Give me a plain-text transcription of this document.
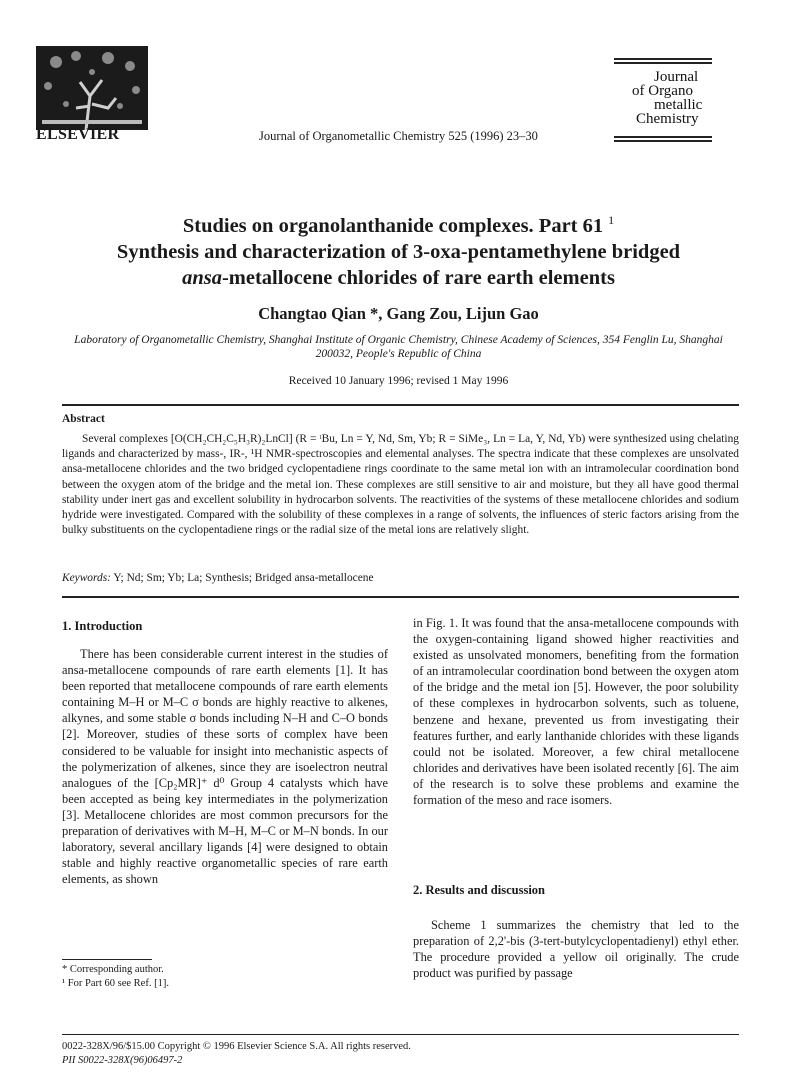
ELSEVIER	Journal of Organometallic Chemistry 525 (1996) 23–30
Journal
of Organo
metallic
Chemistry
Studies on organolanthanide complexes. Part 61 $^1$
Synthesis and characterization of 3-oxa-pentamethylene bridged
ansa-metallocene chlorides of rare earth elements
Changtao Qian *, Gang Zou, Lijun Gao
Laboratory of Organometallic Chemistry, Shanghai Institute of Organic Chemistry, Chinese Academy of Sciences, 354 Fenglin Lu, Shanghai 200032, People's Republic of China
Received 10 January 1996; revised 1 May 1996
Abstract

Several complexes [O(CH₂CH₂C₅H₃R)₂LnCl] (R = ᵗBu, Ln = Y, Nd, Sm, Yb; R = SiMe₃, Ln = La, Y, Nd, Yb) were synthesized using chelating ligands and characterized by mass-, IR-, ¹H NMR-spectroscopies and elemental analyses. The spectra indicate that these complexes are unsolvated ansa-metallocene chlorides and the two bridged cyclopentadiene rings coordinate to the same metal ion with an intramolecular coordination bond between the oxygen atom of the bridge and the metal ion. These complexes are still sensitive to air and moisture, but they all have good thermal stability under inert gas and excellent solubility in hydrocarbon solvents. The reactivities of the systems of these metallocene chlorides and sodium hydride were investigated. Compared with the solubility of these complexes in a range of solvents, the influences of steric factors arising from the bulky substituents on the cyclopentadiene rings or the radial size of the metal ions are relatively slight.

Keywords: Y; Nd; Sm; Yb; La; Synthesis; Bridged ansa-metallocene
1. Introduction

There has been considerable current interest in the studies of ansa-metallocene compounds of rare earth elements [1]. It has been reported that metallocene compounds of rare earth elements containing M–H or M–C σ bonds are highly reactive to alkenes, alkynes, and some stable σ bonds including N–H and C–O bonds [2]. Moreover, studies of these sorts of complex have been considered to be valuable for insight into mechanistic aspects of the polymerization of alkenes, since they are isoelectron neutral analogues of the [Cp₂MR]⁺ d⁰ Group 4 catalysts which have been accepted as being key intermediates in the polymerization [3]. Metallocene chlorides are most common precursors for the preparation of derivatives with M–H, M–C or M–N bonds. In our laboratory, several ancillary ligands [4] were designed to obtain stable and highly reactive organometallic species of rare earth elements, as shown

in Fig. 1. It was found that the ansa-metallocene compounds with the oxygen-containing ligand showed higher reactivities and existed as unsolvated monomers, benefiting from the formation of an intramolecular coordination bond between the oxygen atom of the bridge and the metal ion [5]. However, the poor solubility of these complexes in hydrocarbon solvents, such as toluene, benzene and hexane, prevented us from investigating their features further, and early lanthanide chlorides with these ligands could not be isolated. Moreover, a few chiral metallocene chlorides and derivatives have been isolated recently [6]. The aim of the research is to solve these problems and examine the formation of the meso and race isomers.

2. Results and discussion

Scheme 1 summarizes the chemistry that led to the preparation of 2,2'-bis (3-tert-butylcyclopentadienyl) ethyl ether. The procedure provided a yellow oil originally. The crude product was purified by passage

* Corresponding author.
¹ For Part 60 see Ref. [1].
0022-328X/96/$15.00 Copyright © 1996 Elsevier Science S.A. All rights reserved.
PII S0022-328X(96)06497-2
